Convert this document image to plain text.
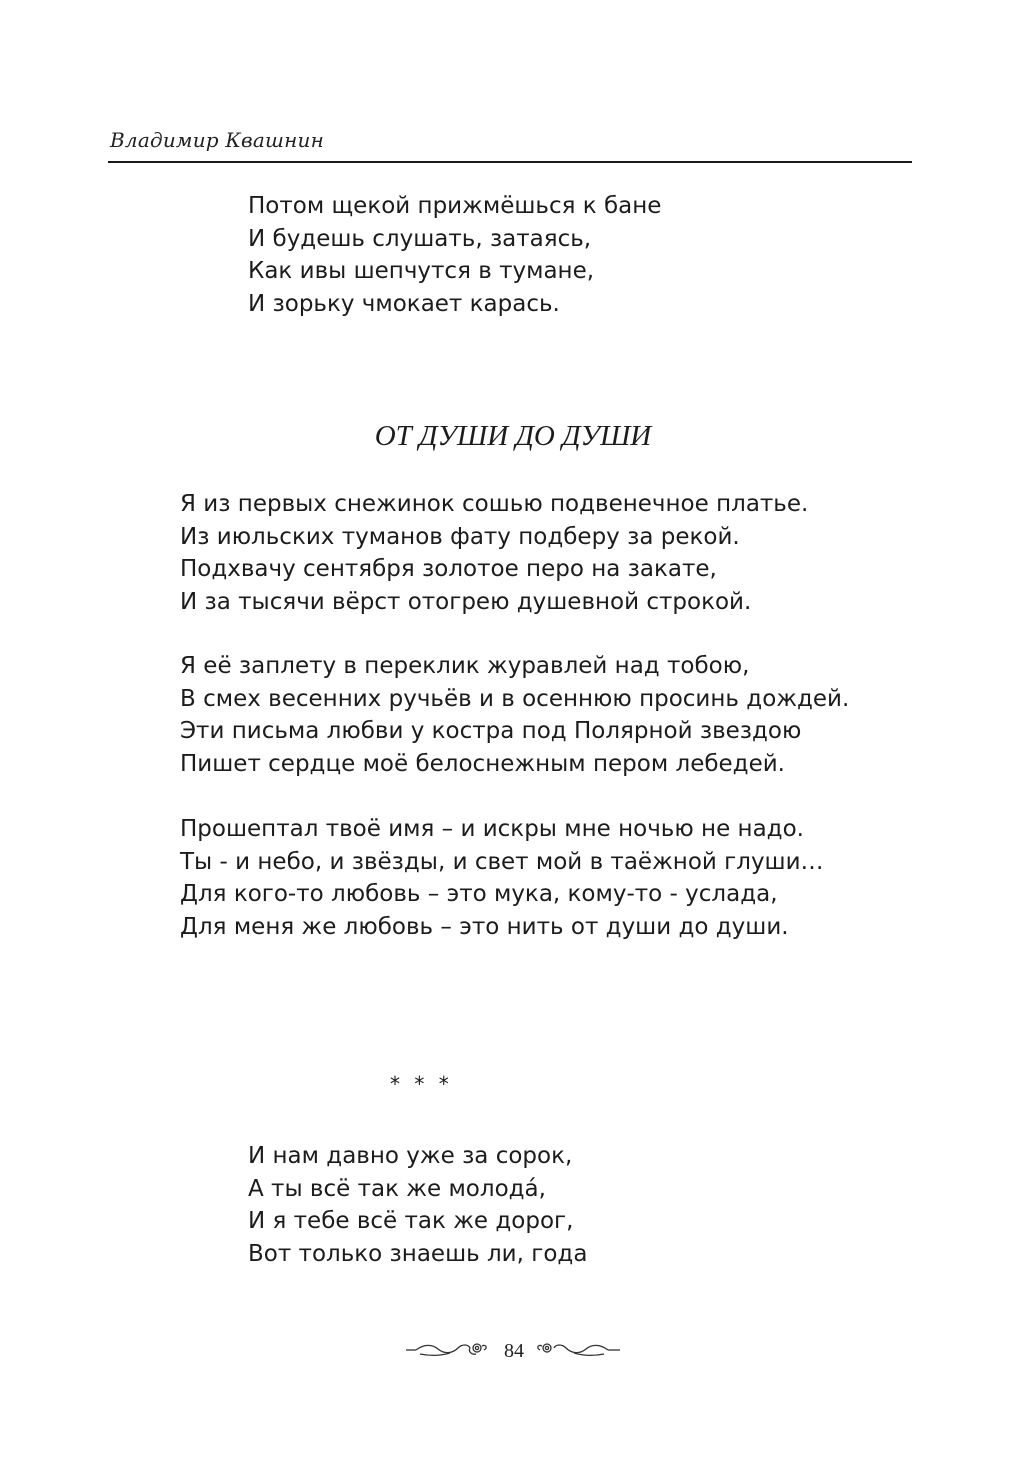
Владимир Квашнин
Потом щекой прижмёшься к бане
И будешь слушать, затаясь,
Как ивы шепчутся в тумане,
И зорьку чмокает карась.
ОТ ДУШИ ДО ДУШИ
Я из первых снежинок сошью подвенечное платье.
Из июльских туманов фату подберу за рекой.
Подхвачу сентября золотое перо на закате,
И за тысячи вёрст отогрею душевной строкой.
Я её заплету в переклик журавлей над тобою,
В смех весенних ручьёв и в осеннюю просинь дождей.
Эти письма любви у костра под Полярной звездою
Пишет сердце моё белоснежным пером лебедей.
Прошептал твоё имя – и искры мне ночью не надо.
Ты - и небо, и звёзды, и свет мой в таёжной глуши…
Для кого-то любовь – это мука, кому-то - услада,
Для меня же любовь – это нить от души до души.
* * *
И нам давно уже за сорок,
А ты всё так же молодá,
И я тебе всё так же дорог,
Вот только знаешь ли, года
84
